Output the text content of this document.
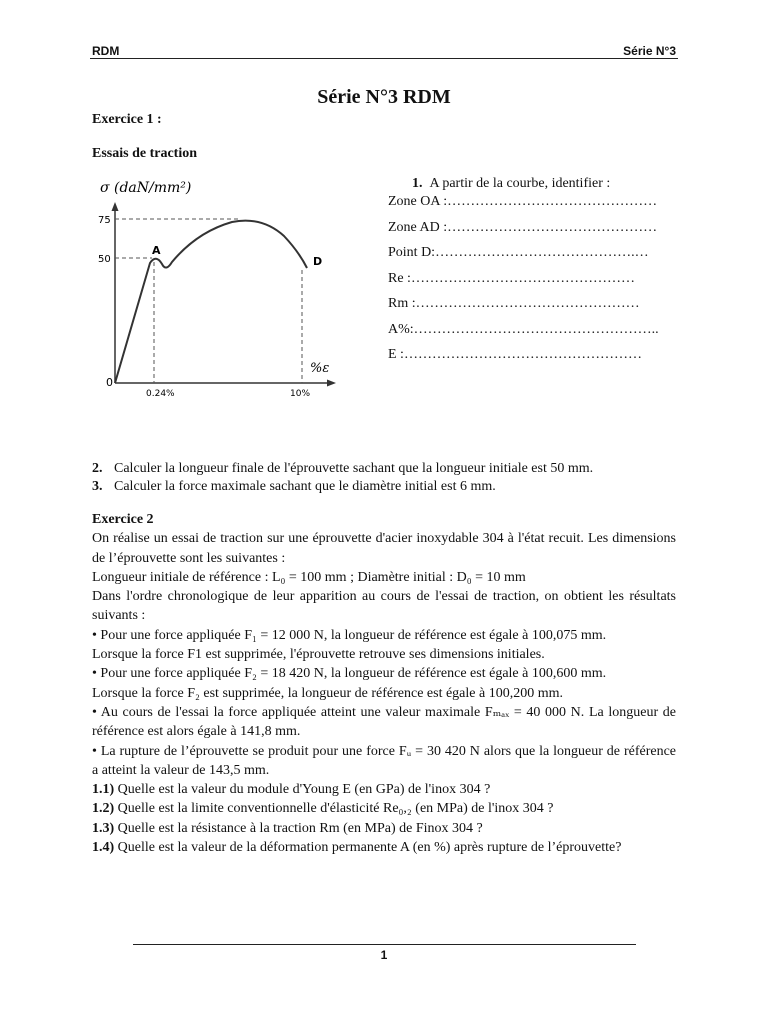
RDM	Série N°3
Série N°3 RDM
Exercice 1 :
Essais de traction
σ (daN/mm²)
75
50
0
0.24%	10%
A
D
%ε
1. A partir de la courbe, identifier :
Zone OA :………………………………………
Zone AD :………………………………………
Point D:…………………………………….…
Re :…………………………………………
Rm :…………………………………………
A%:……………………………………………..
E :……………………………………………
2. Calculer la longueur finale de l'éprouvette sachant que la longueur initiale est 50 mm.
3. Calculer la force maximale sachant que le diamètre initial est 6 mm.
Exercice 2
On réalise un essai de traction sur une éprouvette d'acier inoxydable 304 à l'état recuit. Les dimensions de l’éprouvette sont les suivantes :
Longueur initiale de référence : L₀ = 100 mm ; Diamètre initial : D₀ = 10 mm
Dans l'ordre chronologique de leur apparition au cours de l'essai de traction, on obtient les résultats suivants :
• Pour une force appliquée F₁ = 12 000 N, la longueur de référence est égale à 100,075 mm.
Lorsque la force F1 est supprimée, l'éprouvette retrouve ses dimensions initiales.
• Pour une force appliquée F₂ = 18 420 N, la longueur de référence est égale à 100,600 mm.
Lorsque la force F₂ est supprimée, la longueur de référence est égale à 100,200 mm.
• Au cours de l'essai la force appliquée atteint une valeur maximale Fₘₐₓ = 40 000 N. La longueur de référence est alors égale à 141,8 mm.
• La rupture de l’éprouvette se produit pour une force Fᵤ = 30 420 N alors que la longueur de référence a atteint la valeur de 143,5 mm.
1.1) Quelle est la valeur du module d'Young E (en GPa) de l'inox 304 ?
1.2) Quelle est la limite conventionnelle d'élasticité Re₀,₂ (en MPa) de l'inox 304 ?
1.3) Quelle est la résistance à la traction Rm (en MPa) de Finox 304 ?
1.4) Quelle est la valeur de la déformation permanente A (en %) après rupture de l’éprouvette?
1
